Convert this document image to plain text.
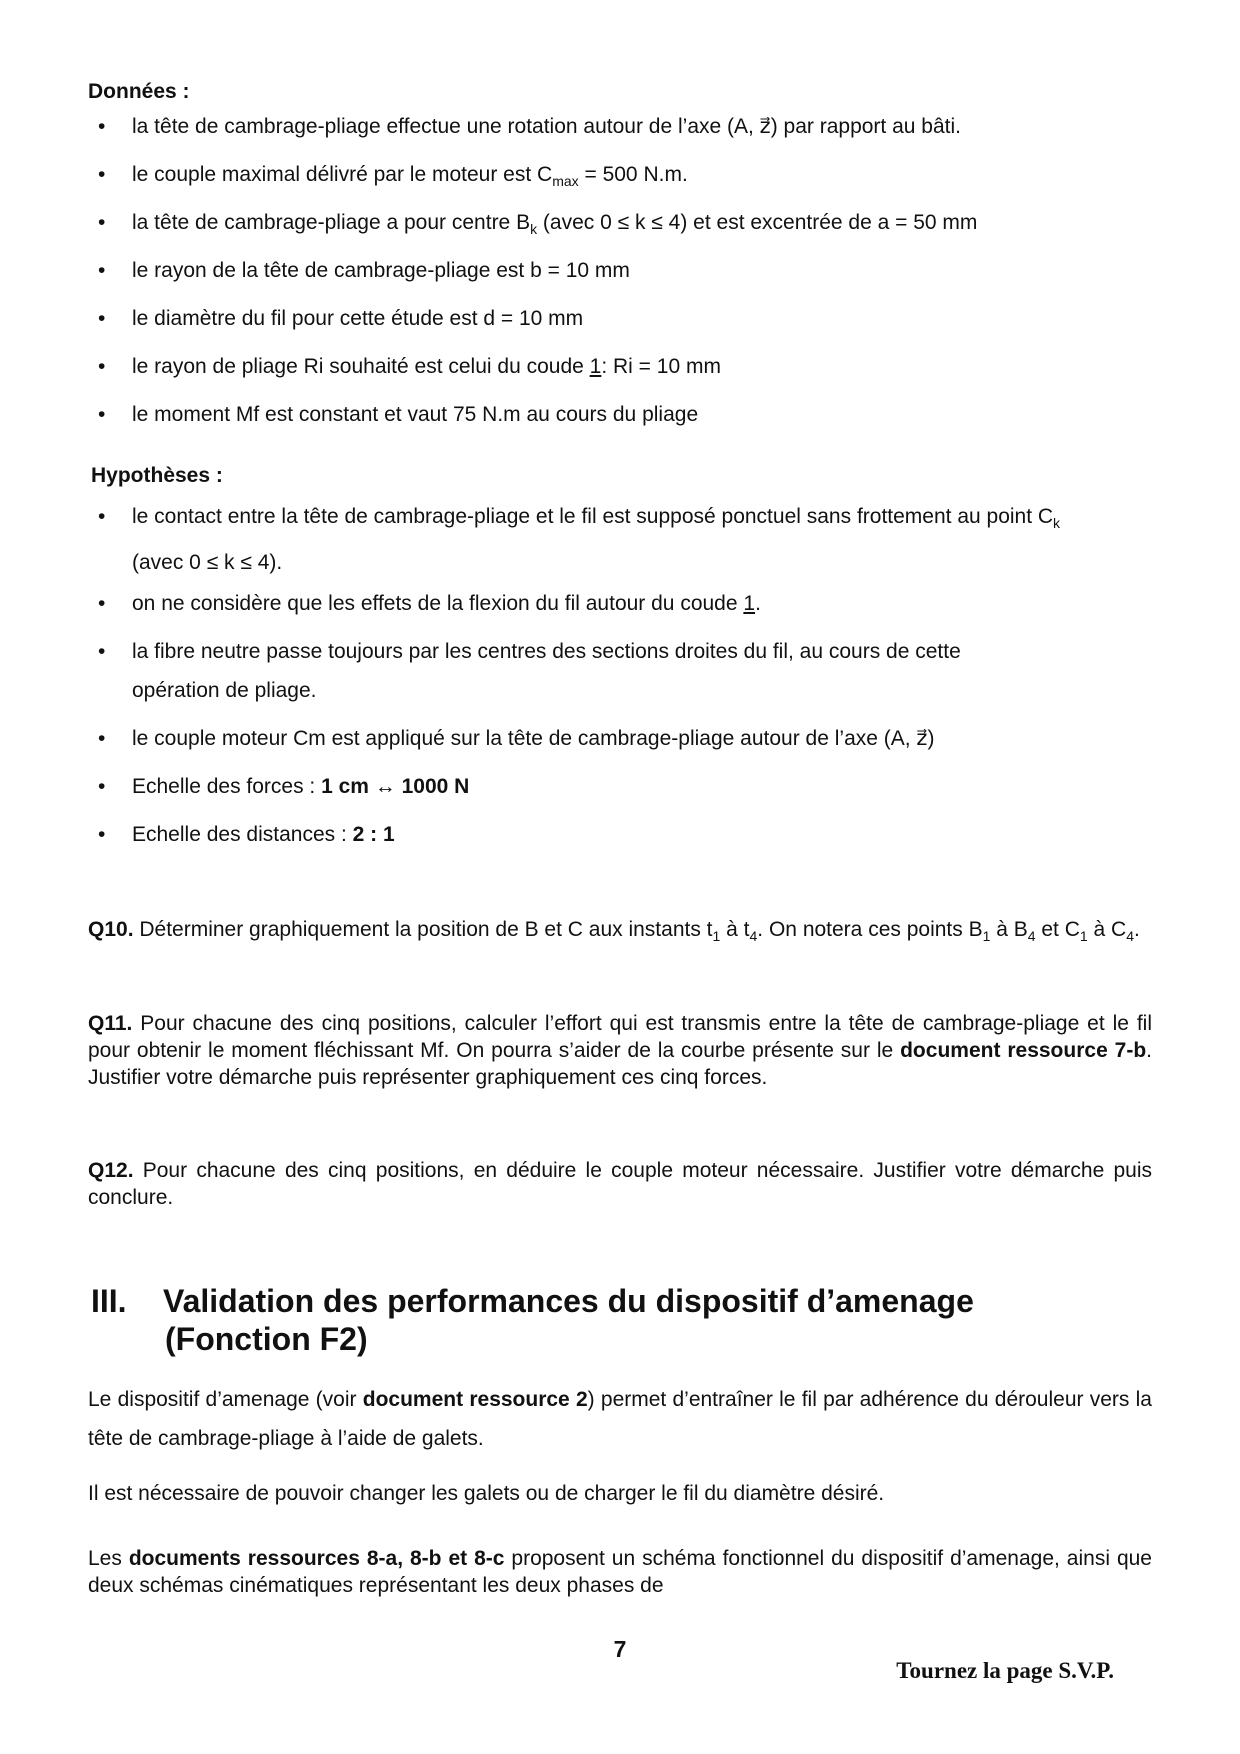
Données :
• la tête de cambrage-pliage effectue une rotation autour de l’axe (A, z⃗) par rapport au bâti.
• le couple maximal délivré par le moteur est $C_{max} = 500$ N.m.
• la tête de cambrage-pliage a pour centre $B_k$ (avec 0 ≤ k ≤ 4) et est excentrée de a = 50 mm
• le rayon de la tête de cambrage-pliage est b = 10 mm
• le diamètre du fil pour cette étude est d = 10 mm
• le rayon de pliage Ri souhaité est celui du coude 1: Ri = 10 mm
• le moment Mf est constant et vaut 75 N.m au cours du pliage
Hypothèses :
• le contact entre la tête de cambrage-pliage et le fil est supposé ponctuel sans frottement au point $C_k$
(avec 0 ≤ k ≤ 4).
• on ne considère que les effets de la flexion du fil autour du coude 1.
• la fibre neutre passe toujours par les centres des sections droites du fil, au cours de cette
opération de pliage.
• le couple moteur Cm est appliqué sur la tête de cambrage-pliage autour de l’axe (A, z⃗)
• Echelle des forces : 1 cm ↔ 1000 N
• Echelle des distances : 2 : 1
Q10. Déterminer graphiquement la position de B et C aux instants $t_1$ à $t_4$. On notera ces points $B_1$ à $B_4$ et $C_1$ à $C_4$.
Q11. Pour chacune des cinq positions, calculer l’effort qui est transmis entre la tête de cambrage-pliage et le fil pour obtenir le moment fléchissant Mf. On pourra s’aider de la courbe présente sur le document ressource 7-b. Justifier votre démarche puis représenter graphiquement ces cinq forces.
Q12. Pour chacune des cinq positions, en déduire le couple moteur nécessaire. Justifier votre démarche puis conclure.
III. Validation des performances du dispositif d’amenage
(Fonction F2)
Le dispositif d’amenage (voir document ressource 2) permet d’entraîner le fil par adhérence du dérouleur vers la tête de cambrage-pliage à l’aide de galets.
Il est nécessaire de pouvoir changer les galets ou de charger le fil du diamètre désiré.
Les documents ressources 8-a, 8-b et 8-c proposent un schéma fonctionnel du dispositif d’amenage, ainsi que deux schémas cinématiques représentant les deux phases de
7
Tournez la page S.V.P.
